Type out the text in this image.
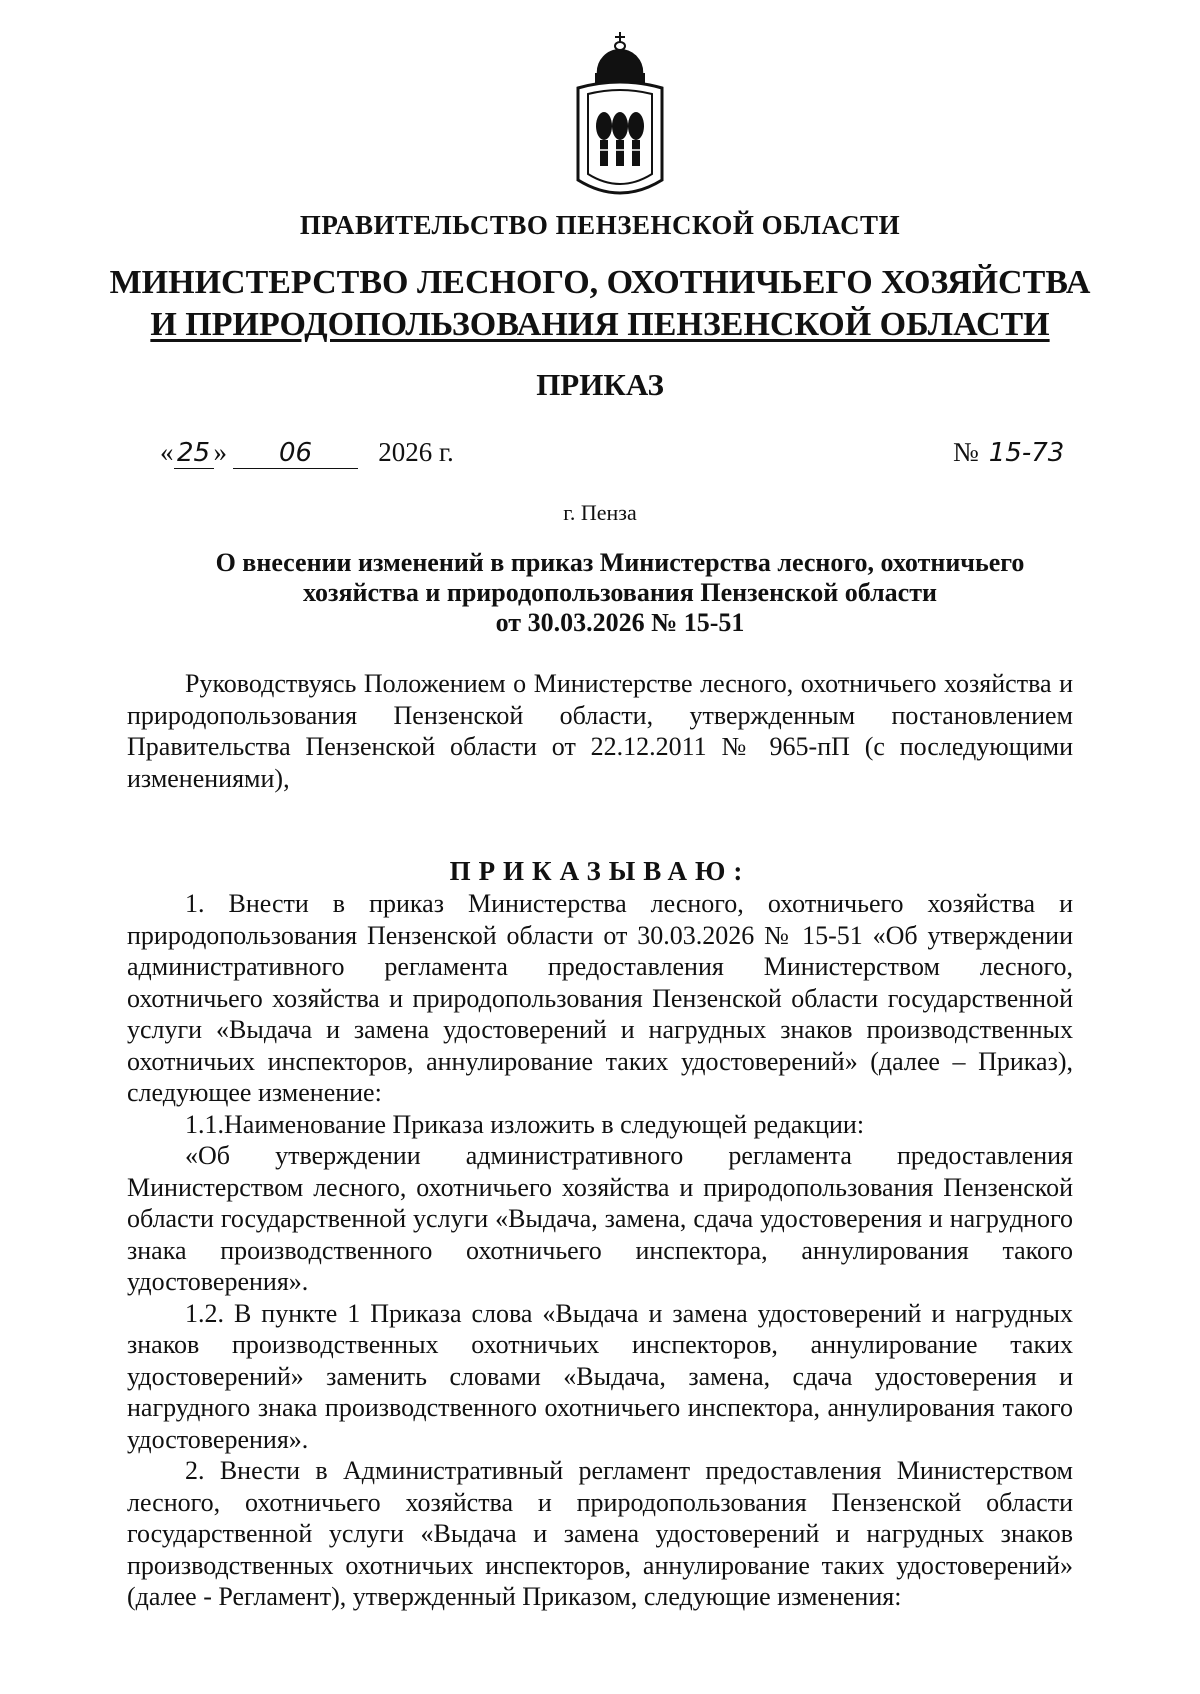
ПРАВИТЕЛЬСТВО ПЕНЗЕНСКОЙ ОБЛАСТИ
МИНИСТЕРСТВО ЛЕСНОГО, ОХОТНИЧЬЕГО ХОЗЯЙСТВА
И ПРИРОДОПОЛЬЗОВАНИЯ ПЕНЗЕНСКОЙ ОБЛАСТИ
ПРИКАЗ
« 25 » 06 2026 г.	№ 15-73
г. Пенза
О внесении изменений в приказ Министерства лесного, охотничьего
хозяйства и природопользования Пензенской области
от 30.03.2026 № 15-51

Руководствуясь Положением о Министерстве лесного, охотничьего хозяйства и природопользования Пензенской области, утвержденным постановлением Правительства Пензенской области от 22.12.2011 № 965-пП (с последующими изменениями),

ПРИКАЗЫВАЮ:

1. Внести в приказ Министерства лесного, охотничьего хозяйства и природопользования Пензенской области от 30.03.2026 № 15-51 «Об утверждении административного регламента предоставления Министерством лесного, охотничьего хозяйства и природопользования Пензенской области государственной услуги «Выдача и замена удостоверений и нагрудных знаков производственных охотничьих инспекторов, аннулирование таких удостоверений» (далее – Приказ), следующее изменение:

1.1.Наименование Приказа изложить в следующей редакции:

«Об утверждении административного регламента предоставления Министерством лесного, охотничьего хозяйства и природопользования Пензенской области государственной услуги «Выдача, замена, сдача удостоверения и нагрудного знака производственного охотничьего инспектора, аннулирования такого удостоверения».

1.2. В пункте 1 Приказа слова «Выдача и замена удостоверений и нагрудных знаков производственных охотничьих инспекторов, аннулирование таких удостоверений» заменить словами «Выдача, замена, сдача удостоверения и нагрудного знака производственного охотничьего инспектора, аннулирования такого удостоверения».

2. Внести в Административный регламент предоставления Министерством лесного, охотничьего хозяйства и природопользования Пензенской области государственной услуги «Выдача и замена удостоверений и нагрудных знаков производственных охотничьих инспекторов, аннулирование таких удостоверений» (далее - Регламент), утвержденный Приказом, следующие изменения:
